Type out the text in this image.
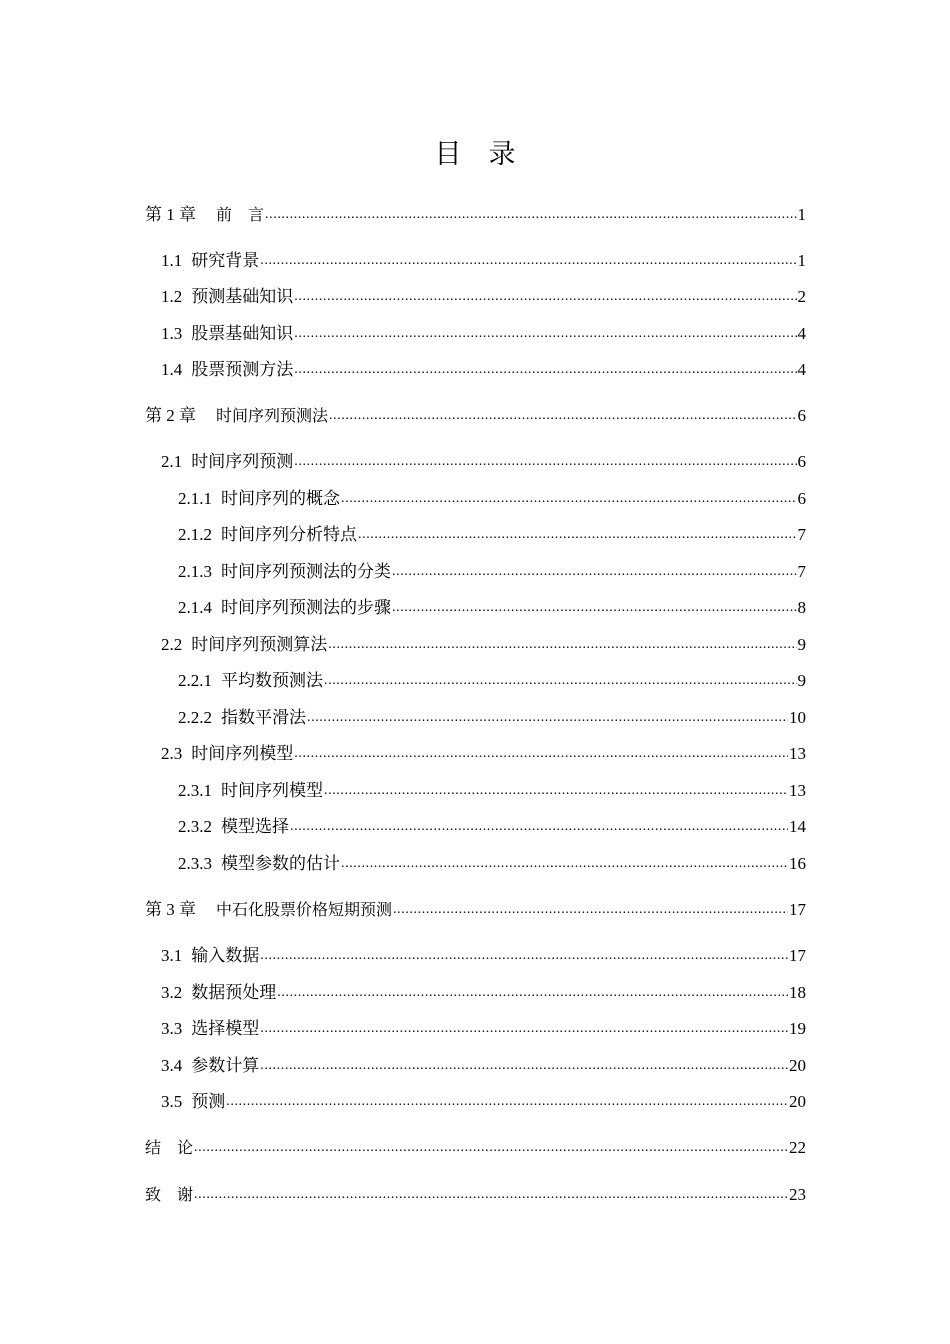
目　录
第 1 章 前　言 .....	1
1.1 研究背景 .....	1
1.2 预测基础知识 .....	2
1.3 股票基础知识 .....	4
1.4 股票预测方法 .....	4
第 2 章 时间序列预测法 .....	6
2.1 时间序列预测 .....	6
2.1.1 时间序列的概念 .....	6
2.1.2 时间序列分析特点 .....	7
2.1.3 时间序列预测法的分类 .....	7
2.1.4 时间序列预测法的步骤 .....	8
2.2 时间序列预测算法 .....	9
2.2.1 平均数预测法 .....	9
2.2.2 指数平滑法 .....	10
2.3 时间序列模型 .....	13
2.3.1 时间序列模型 .....	13
2.3.2 模型选择 .....	14
2.3.3 模型参数的估计 .....	16
第 3 章 中石化股票价格短期预测 .....	17
3.1 输入数据 .....	17
3.2 数据预处理 .....	18
3.3 选择模型 .....	19
3.4 参数计算 .....	20
3.5 预测 .....	20
结　论 .....	22
致　谢 .....	23
